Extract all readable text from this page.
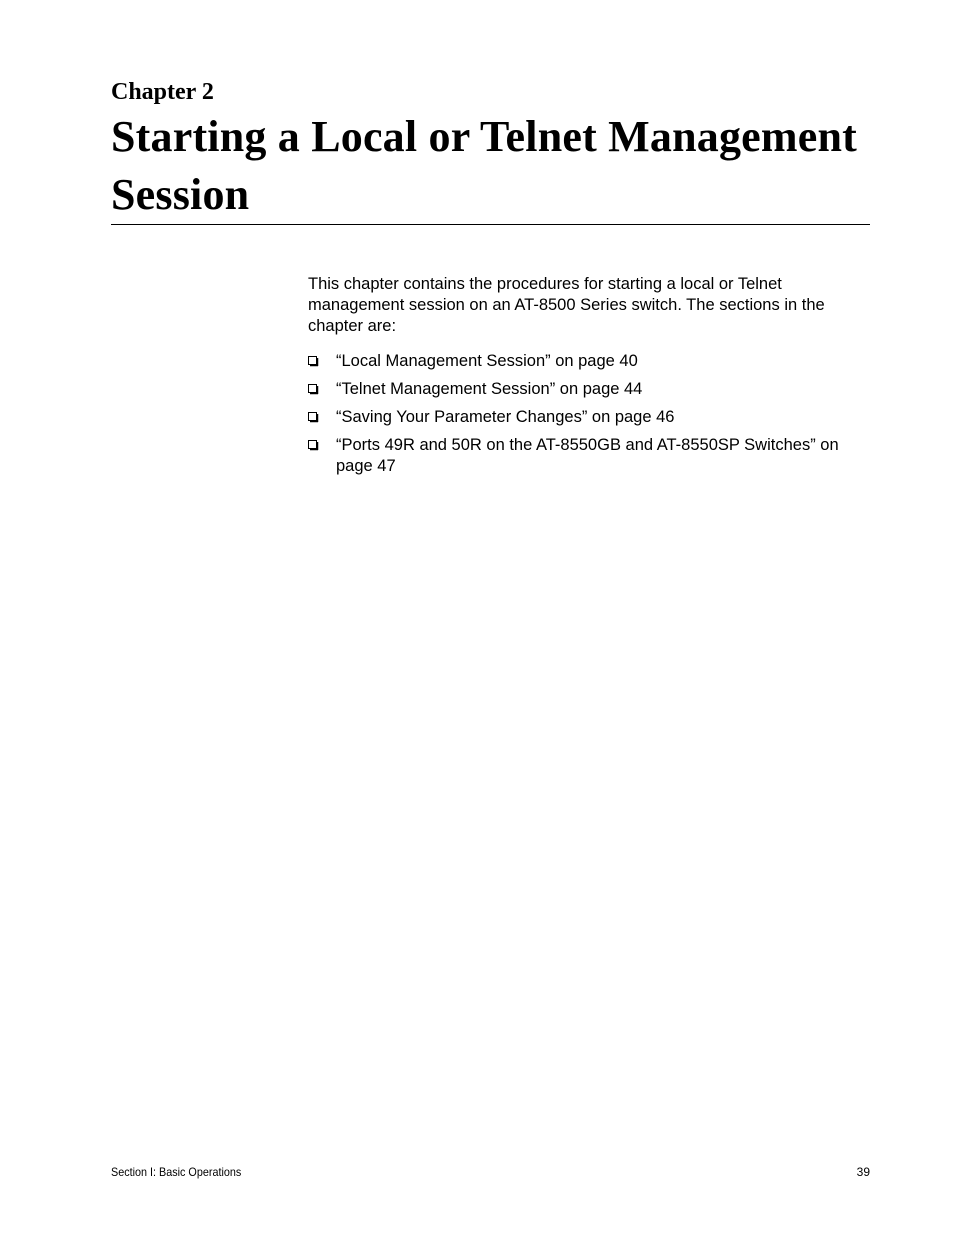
Chapter 2
Starting a Local or Telnet Management Session

This chapter contains the procedures for starting a local or Telnet management session on an AT-8500 Series switch. The sections in the chapter are:

“Local Management Session” on page 40
“Telnet Management Session” on page 44
“Saving Your Parameter Changes” on page 46
“Ports 49R and 50R on the AT-8550GB and AT-8550SP Switches” on page 47
Section I: Basic Operations	39
